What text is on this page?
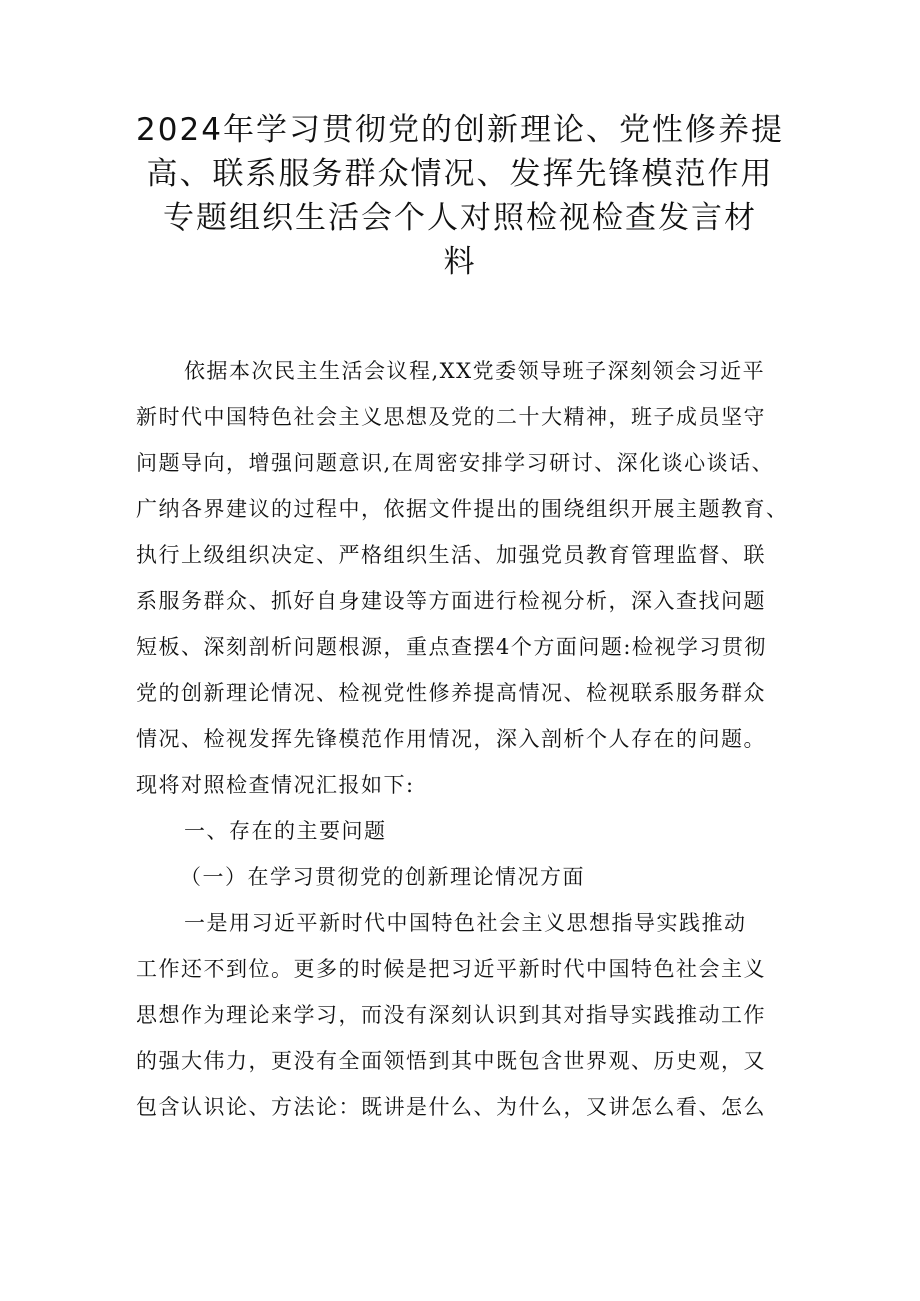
2024年学习贯彻党的创新理论、党性修养提
高、联系服务群众情况、发挥先锋模范作用
专题组织生活会个人对照检视检查发言材
料
依据本次民主生活会议程,XX党委领导班子深刻领会习近平
新时代中国特色社会主义思想及党的二十大精神，班子成员坚守
问题导向，增强问题意识,在周密安排学习研讨、深化谈心谈话、
广纳各界建议的过程中，依据文件提出的围绕组织开展主题教育、
执行上级组织决定、严格组织生活、加强党员教育管理监督、联
系服务群众、抓好自身建设等方面进行检视分析，深入查找问题
短板、深刻剖析问题根源，重点查摆4个方面问题:检视学习贯彻
党的创新理论情况、检视党性修养提高情况、检视联系服务群众
情况、检视发挥先锋模范作用情况，深入剖析个人存在的问题。
现将对照检查情况汇报如下:
一、存在的主要问题
（一）在学习贯彻党的创新理论情况方面
一是用习近平新时代中国特色社会主义思想指导实践推动
工作还不到位。更多的时候是把习近平新时代中国特色社会主义
思想作为理论来学习，而没有深刻认识到其对指导实践推动工作
的强大伟力，更没有全面领悟到其中既包含世界观、历史观，又
包含认识论、方法论：既讲是什么、为什么，又讲怎么看、怎么
